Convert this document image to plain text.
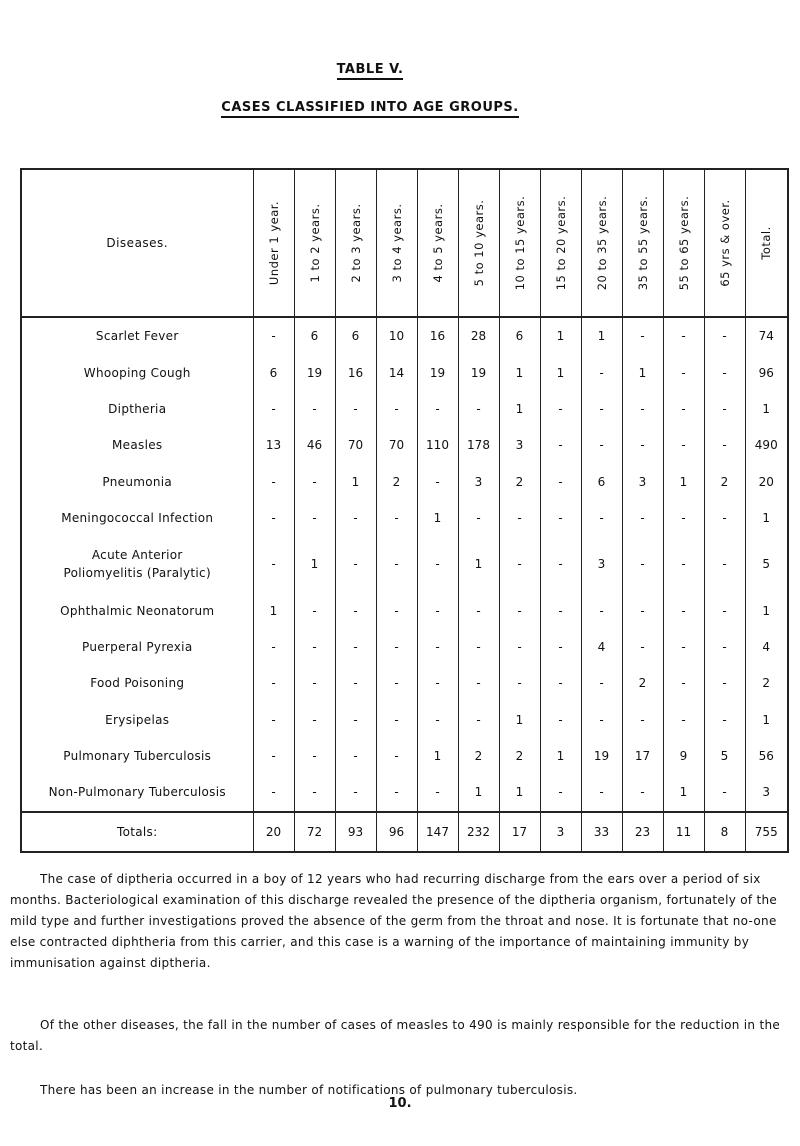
TABLE V.
CASES CLASSIFIED INTO AGE GROUPS.
Diseases.	Under 1 year.	1 to 2 years.	2 to 3 years.	3 to 4 years.	4 to 5 years.	5 to 10 years.	10 to 15 years.	15 to 20 years.	20 to 35 years.	35 to 55 years.	55 to 65 years.	65 yrs & over.	Total.

Scarlet Fever	-	6	6	10	16	28	6	1	1	-	-	-	74

Whooping Cough	6	19	16	14	19	19	1	1	-	1	-	-	96

Diptheria	-	-	-	-	-	-	1	-	-	-	-	-	1

Measles	13	46	70	70	110	178	3	-	-	-	-	-	490

Pneumonia	-	-	1	2	-	3	2	-	6	3	1	2	20

Meningococcal Infection	-	-	-	-	1	-	-	-	-	-	-	-	1

Acute Anterior
Poliomyelitis (Paralytic)	-	1	-	-	-	1	-	-	3	-	-	-	5

Ophthalmic Neonatorum	1	-	-	-	-	-	-	-	-	-	-	-	1

Puerperal Pyrexia	-	-	-	-	-	-	-	-	4	-	-	-	4

Food Poisoning	-	-	-	-	-	-	-	-	-	2	-	-	2

Erysipelas	-	-	-	-	-	-	1	-	-	-	-	-	1

Pulmonary Tuberculosis	-	-	-	-	1	2	2	1	19	17	9	5	56

Non-Pulmonary Tuberculosis	-	-	-	-	-	1	1	-	-	-	1	-	3
Totals:	20	72	93	96	147	232	17	3	33	23	11	8	755

The case of diptheria occurred in a boy of 12 years who had recurring discharge from the ears over a period of six months. Bacteriological examination of this discharge revealed the presence of the diptheria organism, fortunately of the mild type and further investigations proved the absence of the germ from the throat and nose. It is fortunate that no-one else contracted diphtheria from this carrier, and this case is a warning of the importance of maintaining immunity by immunisation against diptheria.

Of the other diseases, the fall in the number of cases of measles to 490 is mainly responsible for the reduction in the total.

There has been an increase in the number of notifications of pulmonary tuberculosis.

10.
